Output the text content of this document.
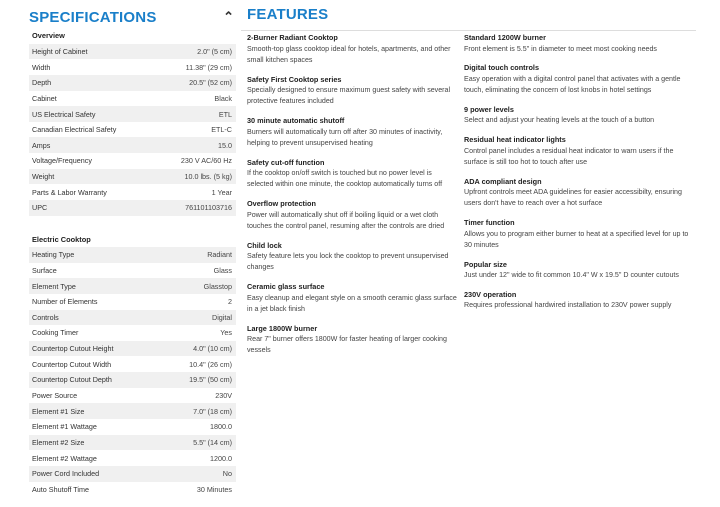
SPECIFICATIONS	⌃
Overview
Height of Cabinet	2.0" (5 cm)
Width	11.38" (29 cm)
Depth	20.5" (52 cm)
Cabinet	Black
US Electrical Safety	ETL
Canadian Electrical Safety	ETL-C
Amps	15.0
Voltage/Frequency	230 V AC/60 Hz
Weight	10.0 lbs. (5 kg)
Parts & Labor Warranty	1 Year
UPC	761101103716
Electric Cooktop
Heating Type	Radiant
Surface	Glass
Element Type	Glasstop
Number of Elements	2
Controls	Digital
Cooking Timer	Yes
Countertop Cutout Height	4.0" (10 cm)
Countertop Cutout Width	10.4" (26 cm)
Countertop Cutout Depth	19.5" (50 cm)
Power Source	230V
Element #1 Size	7.0" (18 cm)
Element #1 Wattage	1800.0
Element #2 Size	5.5" (14 cm)
Element #2 Wattage	1200.0
Power Cord Included	No
Auto Shutoff Time	30 Minutes
FEATURES
2-Burner Radiant Cooktop
Smooth-top glass cooktop ideal for hotels, apartments, and other small kitchen spaces
Safety First Cooktop series
Specially designed to ensure maximum guest safety with several protective features included
30 minute automatic shutoff
Burners will automatically turn off after 30 minutes of inactivity, helping to prevent unsupervised heating
Safety cut-off function
If the cooktop on/off switch is touched but no power level is selected within one minute, the cooktop automatically turns off
Overflow protection
Power will automatically shut off if boiling liquid or a wet cloth touches the control panel, resuming after the controls are dried
Child lock
Safety feature lets you lock the cooktop to prevent unsupervised changes
Ceramic glass surface
Easy cleanup and elegant style on a smooth ceramic glass surface in a jet black finish
Large 1800W burner
Rear 7" burner offers 1800W for faster heating of larger cooking vessels
Standard 1200W burner
Front element is 5.5" in diameter to meet most cooking needs
Digital touch controls
Easy operation with a digital control panel that activates with a gentle touch, eliminating the concern of lost knobs in hotel settings
9 power levels
Select and adjust your heating levels at the touch of a button
Residual heat indicator lights
Control panel includes a residual heat indicator to warn users if the surface is still too hot to touch after use
ADA compliant design
Upfront controls meet ADA guidelines for easier accessibilty, ensuring users don't have to reach over a hot surface
Timer function
Allows you to program either burner to heat at a specified level for up to 30 minutes
Popular size
Just under 12" wide to fit common 10.4" W x 19.5" D counter cutouts
230V operation
Requires professional hardwired installation to 230V power supply
